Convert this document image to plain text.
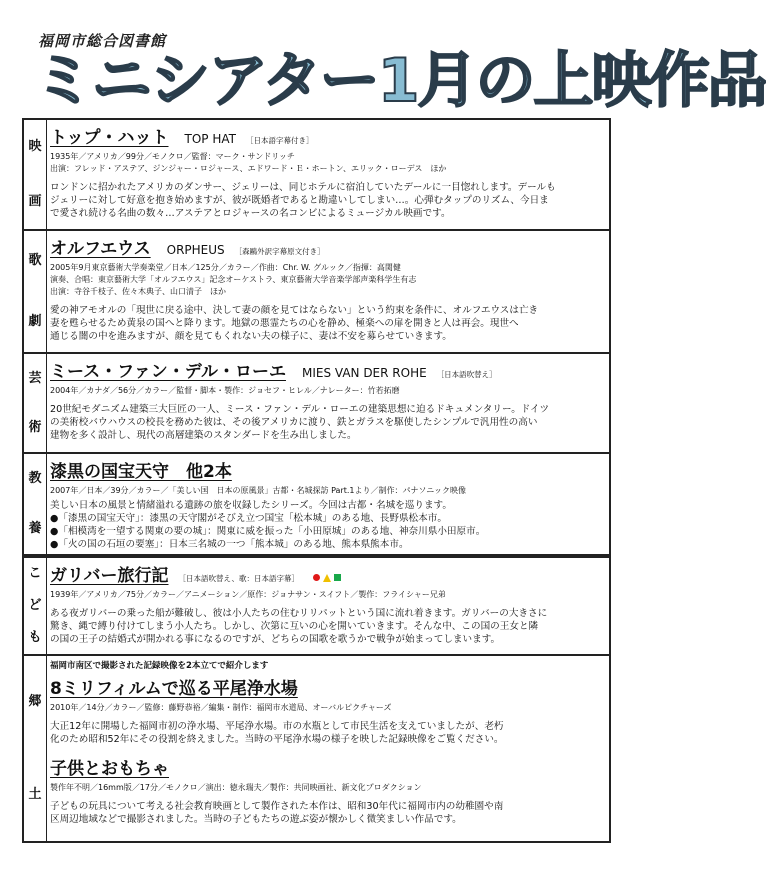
福岡市総合図書館
ミニシアター1月の上映作品
映
画
トップ・ハット TOP HAT ［日本語字幕付き］
1935年／アメリカ／99分／モノクロ／監督：マーク・サンドリッチ
出演：フレッド・アステア、ジンジャー・ロジャース、エドワード・Ｅ・ホートン、エリック・ローデス　ほか
ロンドンに招かれたアメリカのダンサー、ジェリーは、同じホテルに宿泊していたデールに一目惚れします。デールも
ジェリーに対して好意を抱き始めますが、彼が既婚者であると勘違いしてしまい…。心弾むタップのリズム、今日ま
で愛され続ける名曲の数々…アステアとロジャースの名コンビによるミュージカル映画です。
歌
劇
オルフエウス ORPHEUS ［森鷗外訳字幕原文付き］
2005年9月東京藝術大学奏楽堂／日本／125分／カラー／作曲：Chr. W. グルック／指揮：高関健
演奏、合唱：東京藝術大学「オルフエウス」記念オーケストラ、東京藝術大学音楽学部声楽科学生有志
出演：寺谷千枝子、佐々木典子、山口清子　ほか
愛の神アモオルの「現世に戻る途中、決して妻の顔を見てはならない」という約束を条件に、オルフエウスは亡き
妻を甦らせるため黄泉の国へと降ります。地獄の悪霊たちの心を静め、極楽への扉を開きと人は再会。現世へ
通じる闇の中を進みますが、顔を見てもくれない夫の様子に、妻は不安を募らせていきます。
芸
術
ミース・ファン・デル・ローエ MIES VAN DER ROHE ［日本語吹替え］
2004年／カナダ／56分／カラー／監督・脚本・製作：ジョセフ・ヒレル／ナレーター：竹若拓磨
20世紀モダニズム建築三大巨匠の一人、ミース・ファン・デル・ローエの建築思想に迫るドキュメンタリー。ドイツ
の美術校バウハウスの校長を務めた彼は、その後アメリカに渡り、鉄とガラスを駆使したシンプルで汎用性の高い
建物を多く設計し、現代の高層建築のスタンダードを生み出しました。
教
養
漆黒の国宝天守　他2本
2007年／日本／39分／カラー／「美しい国　日本の原風景」古都・名城探訪 Part.1より／制作：パナソニック映像
美しい日本の風景と情緒溢れる遺跡の旅を収録したシリーズ。今回は古都・名城を巡ります。
●「漆黒の国宝天守」：漆黒の天守閣がそびえ立つ国宝「松本城」のある地、長野県松本市。
●「相模湾を一望する関東の要の城」：関東に威を振った「小田原城」のある地、神奈川県小田原市。
●「火の国の石垣の要塞」：日本三名城の一つ「熊本城」のある地、熊本県熊本市。
こ
ど
も
ガリバー旅行記 ［日本語吹替え、歌：日本語字幕］
1939年／アメリカ／75分／カラー／アニメーション／原作：ジョナサン・スイフト／製作：フライシャー兄弟
ある夜ガリバーの乗った船が難破し、彼は小人たちの住むリリパットという国に流れ着きます。ガリバーの大きさに
驚き、縄で縛り付けてしまう小人たち。しかし、次第に互いの心を開いていきます。そんな中、この国の王女と隣
の国の王子の結婚式が開かれる事になるのですが、どちらの国歌を歌うかで戦争が始まってしまいます。
郷
土
福岡市南区で撮影された記録映像を2本立てで紹介します
8ミリフィルムで巡る平尾浄水場
2010年／14分／カラー／監修：藤野恭裕／編集・制作：福岡市水道局、オーバルピクチャーズ
大正12年に開場した福岡市初の浄水場、平尾浄水場。市の水瓶として市民生活を支えていましたが、老朽
化のため昭和52年にその役割を終えました。当時の平尾浄水場の様子を映した記録映像をご覧ください。
子供とおもちゃ
製作年不明／16mm版／17分／モノクロ／演出：徳永瑞夫／製作：共同映画社、新文化プロダクション
子どもの玩具について考える社会教育映画として製作された本作は、昭和30年代に福岡市内の幼稚園や南
区周辺地域などで撮影されました。当時の子どもたちの遊ぶ姿が懐かしく微笑ましい作品です。
